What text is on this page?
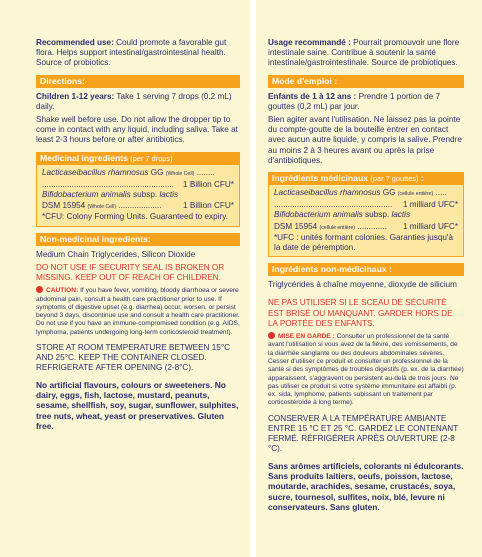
Recommended use: Could promote a favorable gut flora. Helps support intestinal/gastrointestinal health. Source of probiotics.

Directions:

Children 1-12 years: Take 1 serving 7 drops (0.2 mL) daily.

Shake well before use. Do not allow the dropper tip to come in contact with any liquid, including saliva. Take at least 2-3 hours before or after antibiotics.

Medicinal ingredients (per 7 drops)
Lacticaseibacillus rhamnosus GG (Whole Cell) ........
..........................................................	1 Billion CFU*
Bifidobacterium animalis subsp. lactis
DSM 15954 (Whole Cell) ...................	1 Billion CFU*
*CFU: Colony Forming Units. Guaranteed to expiry.
Non-medicinal ingredients:

Medium Chain Triglycerides, Silicon Dioxide

DO NOT USE IF SECURITY SEAL IS BROKEN OR MISSING. KEEP OUT OF REACH OF CHILDREN.

CAUTION: If you have fever, vomiting, bloody diarrhoea or severe abdominal pain, consult a health care practitioner prior to use. If symptoms of digestive upset (e.g. diarrhea) occur, worsen, or persist beyond 3 days, discontinue use and consult a health care practitioner. Do not use if you have an immune-compromised condition (e.g. AIDS, lymphoma, patients undergoing long-term corticosteroid treatment).

STORE AT ROOM TEMPERATURE BETWEEN 15°C AND 25°C. KEEP THE CONTAINER CLOSED. REFRIGERATE AFTER OPENING (2-8°C).

No artificial flavours, colours or sweeteners. No dairy, eggs, fish, lactose, mustard, peanuts, sesame, shellfish, soy, sugar, sunflower, sulphites, tree nuts, wheat, yeast or preservatives. Gluten free.

Usage recommandé : Pourrait promouvoir une flore intestinale saine. Contribue à soutenir la santé intestinale/gastrointestinale. Source de probiotiques.

Mode d'emploi :

Enfants de 1 à 12 ans : Prendre 1 portion de 7 gouttes (0,2 mL) par jour.

Bien agiter avant l'utilisation. Ne laissez pas la pointe du compte-goutte de la bouteille entrer en contact avec aucun autre liquide, y compris la salive. Prendre au moins 2 à 3 heures avant ou après la prise d'antibiotiques.

Ingrédients médicinaux (par 7 gouttes) :
Lacticaseibacillus rhamnosus GG (cellule entière) .....
....................................................	1 milliard UFC*
Bifidobacterium animalis subsp. lactis
DSM 15954 (cellule entière) ............. 1 milliard UFC*
*UFC : unités formant colonies. Garanties jusqu'à la date de péremption.
Ingrédients non-médicinaux :

Triglycérides à chaîne moyenne, dioxyde de silicium

NE PAS UTILISER SI LE SCEAU DE SÉCURITÉ EST BRISÉ OU MANQUANT. GARDER HORS DE LA PORTÉE DES ENFANTS.

MISE EN GARDE : Consulter un professionnel de la santé avant l'utilisation si vous avez de la fièvre, des vomissements, de la diarrhée sanglante ou des douleurs abdominales sévères. Cesser d'utiliser ce produit et consulter un professionnel de la santé si des symptômes de troubles digestifs (p. ex. de la diarrhée) apparaissent, s'aggravent ou persistent au-delà de trois jours. Ne pas utiliser ce produit si votre système immunitaire est affaibli (p. ex. sida, lymphome, patients subissant un traitement par corticostéroïde à long terme).

CONSERVER À LA TEMPÉRATURE AMBIANTE ENTRE 15 °C ET 25 °C. GARDEZ LE CONTENANT FERMÉ. RÉFRIGÉRER APRÈS OUVERTURE (2-8 °C).

Sans arômes artificiels, colorants ni édulcorants. Sans produits laitiers, oeufs, poisson, lactose, moutarde, arachides, sesame, crustacés, soya, sucre, tournesol, sulfites, noix, blé, levure ni conservateurs. Sans gluten.
